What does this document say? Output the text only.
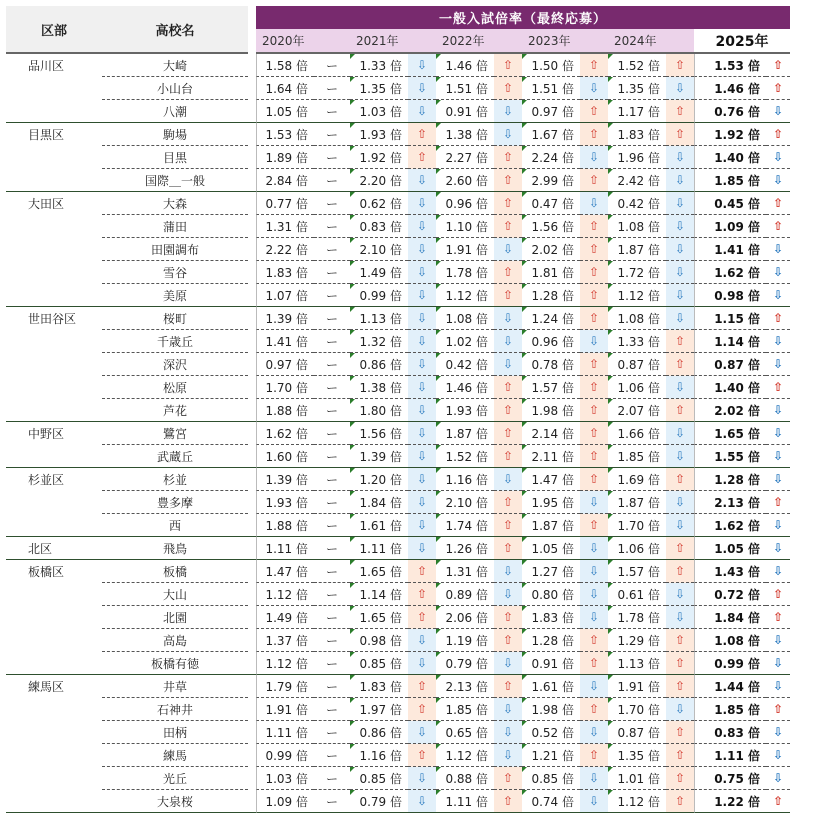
区部	高校名		一般入試倍率（最終応募）											
			2020年		2021年		2022年		2023年		2024年		2025年	
品川区	大崎		1.58 倍	ー	1.33 倍	⇩	1.46 倍	⇧	1.50 倍	⇧	1.52 倍	⇧	1.53 倍	⇧
	小山台		1.64 倍	ー	1.35 倍	⇩	1.51 倍	⇧	1.51 倍	⇩	1.35 倍	⇩	1.46 倍	⇧
	八潮		1.05 倍	ー	1.03 倍	⇩	0.91 倍	⇩	0.97 倍	⇧	1.17 倍	⇧	0.76 倍	⇩
目黒区	駒場		1.53 倍	ー	1.93 倍	⇧	1.38 倍	⇩	1.67 倍	⇧	1.83 倍	⇧	1.92 倍	⇧
	目黒		1.89 倍	ー	1.92 倍	⇧	2.27 倍	⇧	2.24 倍	⇩	1.96 倍	⇩	1.40 倍	⇩
	国際＿一般		2.84 倍	ー	2.20 倍	⇩	2.60 倍	⇧	2.99 倍	⇧	2.42 倍	⇩	1.85 倍	⇩
大田区	大森		0.77 倍	ー	0.62 倍	⇩	0.96 倍	⇧	0.47 倍	⇩	0.42 倍	⇩	0.45 倍	⇧
	蒲田		1.31 倍	ー	0.83 倍	⇩	1.10 倍	⇧	1.56 倍	⇧	1.08 倍	⇩	1.09 倍	⇧
	田園調布		2.22 倍	ー	2.10 倍	⇩	1.91 倍	⇩	2.02 倍	⇧	1.87 倍	⇩	1.41 倍	⇩
	雪谷		1.83 倍	ー	1.49 倍	⇩	1.78 倍	⇧	1.81 倍	⇧	1.72 倍	⇩	1.62 倍	⇩
	美原		1.07 倍	ー	0.99 倍	⇩	1.12 倍	⇧	1.28 倍	⇧	1.12 倍	⇩	0.98 倍	⇩
世田谷区	桜町		1.39 倍	ー	1.13 倍	⇩	1.08 倍	⇩	1.24 倍	⇧	1.08 倍	⇩	1.15 倍	⇧
	千歳丘		1.41 倍	ー	1.32 倍	⇩	1.02 倍	⇩	0.96 倍	⇩	1.33 倍	⇧	1.14 倍	⇩
	深沢		0.97 倍	ー	0.86 倍	⇩	0.42 倍	⇩	0.78 倍	⇧	0.87 倍	⇧	0.87 倍	⇩
	松原		1.70 倍	ー	1.38 倍	⇩	1.46 倍	⇧	1.57 倍	⇧	1.06 倍	⇩	1.40 倍	⇧
	芦花		1.88 倍	ー	1.80 倍	⇩	1.93 倍	⇧	1.98 倍	⇧	2.07 倍	⇧	2.02 倍	⇩
中野区	鷺宮		1.62 倍	ー	1.56 倍	⇩	1.87 倍	⇧	2.14 倍	⇧	1.66 倍	⇩	1.65 倍	⇩
	武蔵丘		1.60 倍	ー	1.39 倍	⇩	1.52 倍	⇧	2.11 倍	⇧	1.85 倍	⇩	1.55 倍	⇩
杉並区	杉並		1.39 倍	ー	1.20 倍	⇩	1.16 倍	⇩	1.47 倍	⇧	1.69 倍	⇧	1.28 倍	⇩
	豊多摩		1.93 倍	ー	1.84 倍	⇩	2.10 倍	⇧	1.95 倍	⇩	1.87 倍	⇩	2.13 倍	⇧
	西		1.88 倍	ー	1.61 倍	⇩	1.74 倍	⇧	1.87 倍	⇧	1.70 倍	⇩	1.62 倍	⇩
北区	飛鳥		1.11 倍	ー	1.11 倍	⇩	1.26 倍	⇧	1.05 倍	⇩	1.06 倍	⇧	1.05 倍	⇩
板橋区	板橋		1.47 倍	ー	1.65 倍	⇧	1.31 倍	⇩	1.27 倍	⇩	1.57 倍	⇧	1.43 倍	⇩
	大山		1.12 倍	ー	1.14 倍	⇧	0.89 倍	⇩	0.80 倍	⇩	0.61 倍	⇩	0.72 倍	⇧
	北園		1.49 倍	ー	1.65 倍	⇧	2.06 倍	⇧	1.83 倍	⇩	1.78 倍	⇩	1.84 倍	⇧
	高島		1.37 倍	ー	0.98 倍	⇩	1.19 倍	⇧	1.28 倍	⇧	1.29 倍	⇧	1.08 倍	⇩
	板橋有徳		1.12 倍	ー	0.85 倍	⇩	0.79 倍	⇩	0.91 倍	⇧	1.13 倍	⇧	0.99 倍	⇩
練馬区	井草		1.79 倍	ー	1.83 倍	⇧	2.13 倍	⇧	1.61 倍	⇩	1.91 倍	⇧	1.44 倍	⇩
	石神井		1.91 倍	ー	1.97 倍	⇧	1.85 倍	⇩	1.98 倍	⇧	1.70 倍	⇩	1.85 倍	⇧
	田柄		1.11 倍	ー	0.86 倍	⇩	0.65 倍	⇩	0.52 倍	⇩	0.87 倍	⇧	0.83 倍	⇩
	練馬		0.99 倍	ー	1.16 倍	⇧	1.12 倍	⇩	1.21 倍	⇧	1.35 倍	⇧	1.11 倍	⇩
	光丘		1.03 倍	ー	0.85 倍	⇩	0.88 倍	⇧	0.85 倍	⇩	1.01 倍	⇧	0.75 倍	⇩
	大泉桜		1.09 倍	ー	0.79 倍	⇩	1.11 倍	⇧	0.74 倍	⇩	1.12 倍	⇧	1.22 倍	⇧
